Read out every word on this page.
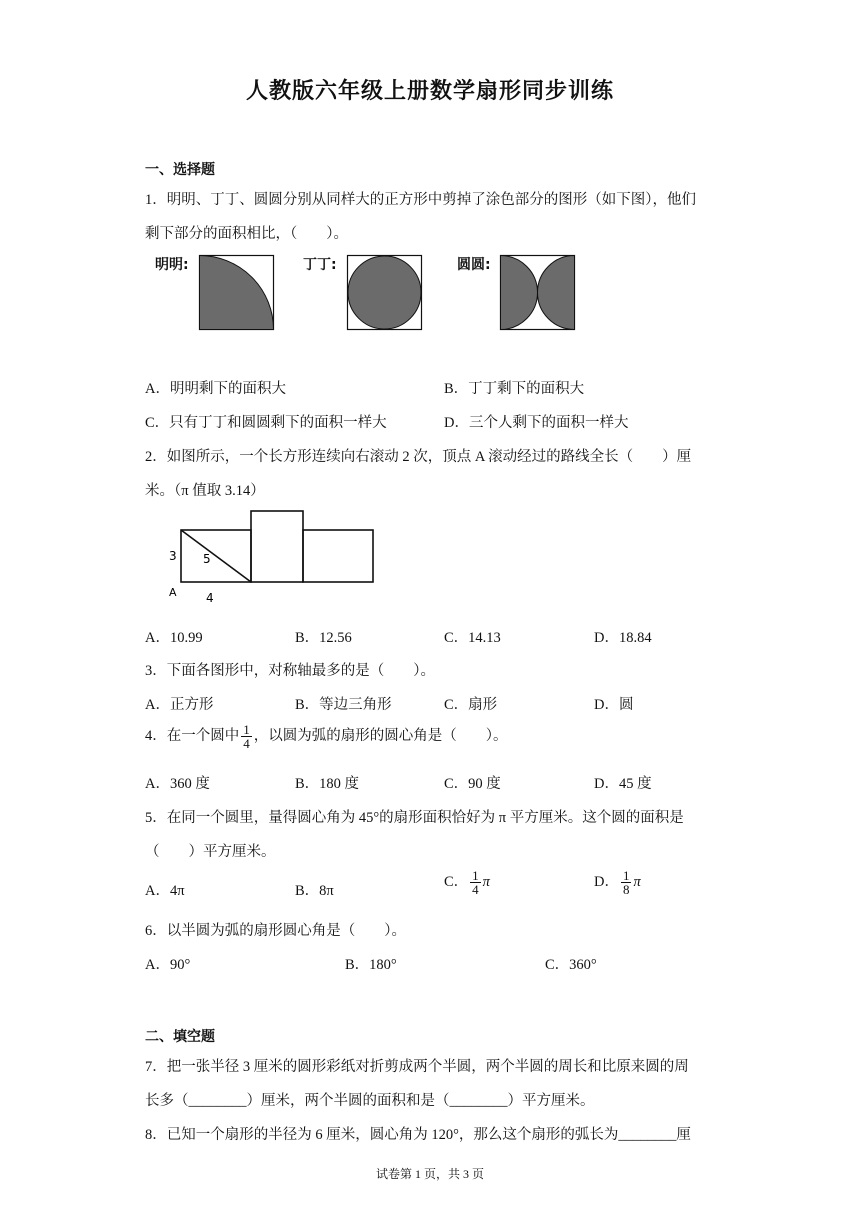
人教版六年级上册数学扇形同步训练
一、选择题
1．明明、丁丁、圆圆分别从同样大的正方形中剪掉了涂色部分的图形（如下图），他们
剩下部分的面积相比，（　　）。
明明:	丁丁:	圆圆:
A．明明剩下的面积大	B．丁丁剩下的面积大
C．只有丁丁和圆圆剩下的面积一样大	D．三个人剩下的面积一样大
2．如图所示，一个长方形连续向右滚动 2 次，顶点 A 滚动经过的路线全长（　　）厘
米。（π 值取 3.14）
3 5
4
A
A．10.99	B．12.56	C．14.13	D．18.84
3．下面各图形中，对称轴最多的是（　　）。
A．正方形	B．等边三角形	C．扇形	D．圆
4．在一个圆中 $\frac{1}{4}$ ，以圆为弧的扇形的圆心角是（　　）。
A．360 度	B．180 度	C．90 度	D．45 度
5．在同一个圆里，量得圆心角为 45°的扇形面积恰好为 π 平方厘米。这个圆的面积是
（　　）平方厘米。
A．4π	B．8π
C． $\frac{1}{4}$ π	D． $\frac{1}{8}$ π
6．以半圆为弧的扇形圆心角是（　　）。
A．90°	B．180°	C．360°
二、填空题
7．把一张半径 3 厘米的圆形彩纸对折剪成两个半圆，两个半圆的周长和比原来圆的周
长多（________）厘米，两个半圆的面积和是（________）平方厘米。
8．已知一个扇形的半径为 6 厘米，圆心角为 120°，那么这个扇形的弧长为________厘
试卷第 1 页，共 3 页
